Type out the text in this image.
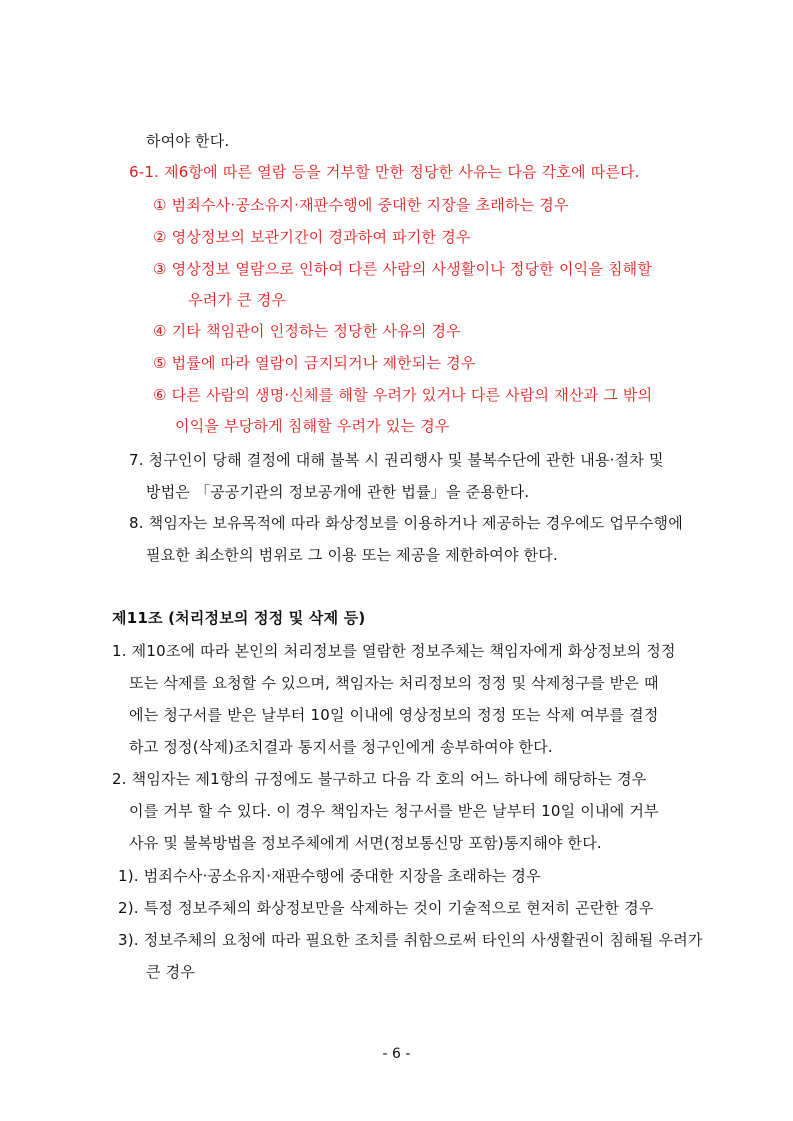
하여야 한다.
6-1. 제6항에 따른 열람 등을 거부할 만한 정당한 사유는 다음 각호에 따른다.
① 범죄수사·공소유지·재판수행에 중대한 지장을 초래하는 경우
② 영상정보의 보관기간이 경과하여 파기한 경우
③ 영상정보 열람으로 인하여 다른 사람의 사생활이나 정당한 이익을 침해할
우려가 큰 경우
④ 기타 책임관이 인정하는 정당한 사유의 경우
⑤ 법률에 따라 열람이 금지되거나 제한되는 경우
⑥ 다른 사람의 생명·신체를 해할 우려가 있거나 다른 사람의 재산과 그 밖의
이익을 부당하게 침해할 우려가 있는 경우
7. 청구인이 당해 결정에 대해 불복 시 권리행사 및 불복수단에 관한 내용·절차 및
방법은 「공공기관의 정보공개에 관한 법률」을 준용한다.
8. 책임자는 보유목적에 따라 화상정보를 이용하거나 제공하는 경우에도 업무수행에
필요한 최소한의 범위로 그 이용 또는 제공을 제한하여야 한다.
제11조 (처리정보의 정정 및 삭제 등)
1. 제10조에 따라 본인의 처리정보를 열람한 정보주체는 책임자에게 화상정보의 정정
또는 삭제를 요청할 수 있으며, 책임자는 처리정보의 정정 및 삭제청구를 받은 때
에는 청구서를 받은 날부터 10일 이내에 영상정보의 정정 또는 삭제 여부를 결정
하고 정정(삭제)조치결과 통지서를 청구인에게 송부하여야 한다.
2. 책임자는 제1항의 규정에도 불구하고 다음 각 호의 어느 하나에 해당하는 경우
이를 거부 할 수 있다. 이 경우 책임자는 청구서를 받은 날부터 10일 이내에 거부
사유 및 불복방법을 정보주체에게 서면(정보통신망 포함)통지해야 한다.
1). 범죄수사·공소유지·재판수행에 중대한 지장을 초래하는 경우
2). 특정 정보주체의 화상정보만을 삭제하는 것이 기술적으로 현저히 곤란한 경우
3). 정보주체의 요청에 따라 필요한 조치를 취함으로써 타인의 사생활권이 침해될 우려가
큰 경우
- 6 -
